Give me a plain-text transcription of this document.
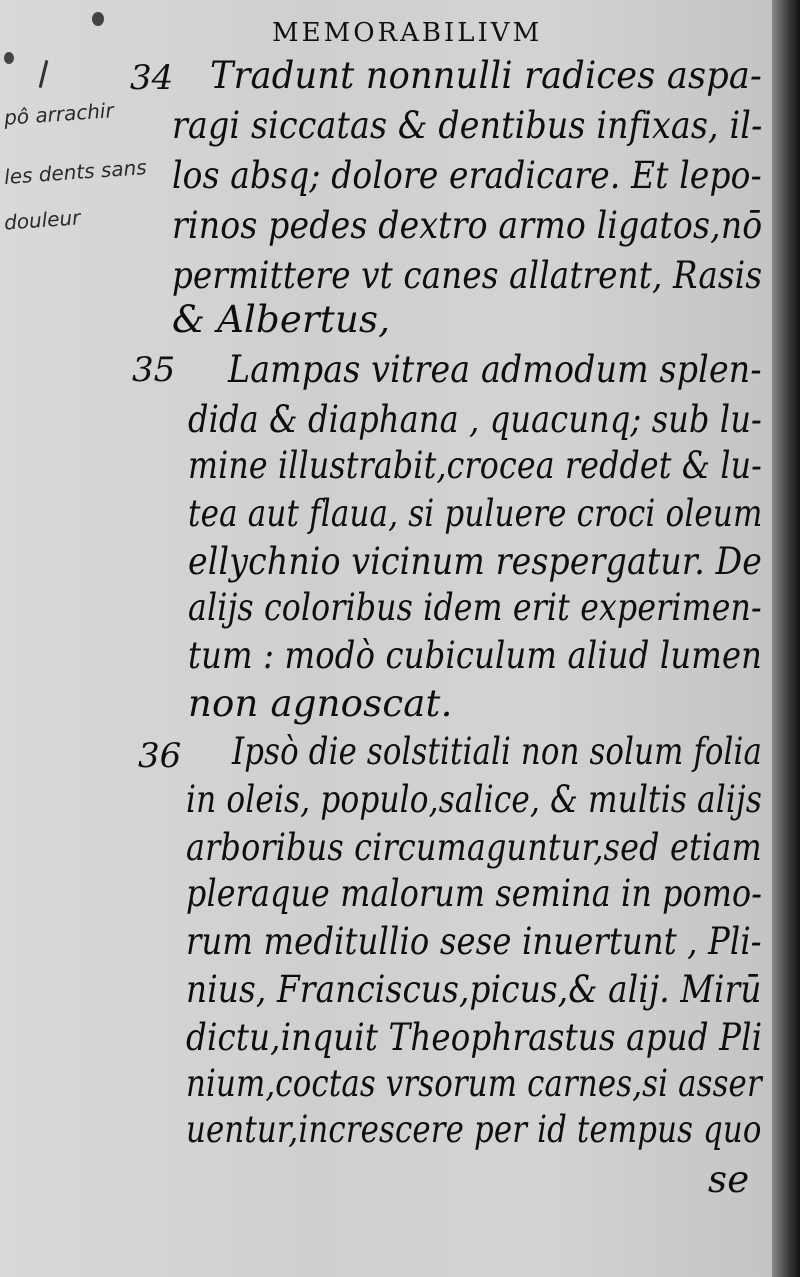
MEMORABILIVM
pô arrachir
les dents sans
douleur
34 Tradunt nonnulli radices aspa-
ragi siccatas & dentibus infixas, il-
los absq; dolore eradicare. Et lepo-
rinos pedes dextro armo ligatos,nō
permittere vt canes allatrent, Rasis
& Albertus,
35 Lampas vitrea admodum splen-
dida & diaphana , quacunq; sub lu-
mine illustrabit,crocea reddet & lu-
tea aut flaua, si puluere croci oleum
ellychnio vicinum respergatur. De
alijs coloribus idem erit experimen-
tum : modò cubiculum aliud lumen
non agnoscat.
36 Ipsò die solstitiali non solum folia
in oleis, populo,salice, & multis alijs
arboribus circumaguntur,sed etiam
pleraque malorum semina in pomo-
rum meditullio sese inuertunt , Pli-
nius, Franciscus,picus,& alij. Mirū
dictu,inquit Theophrastus apud Pli
nium,coctas vrsorum carnes,si asser
uentur,increscere per id tempus quo
se
